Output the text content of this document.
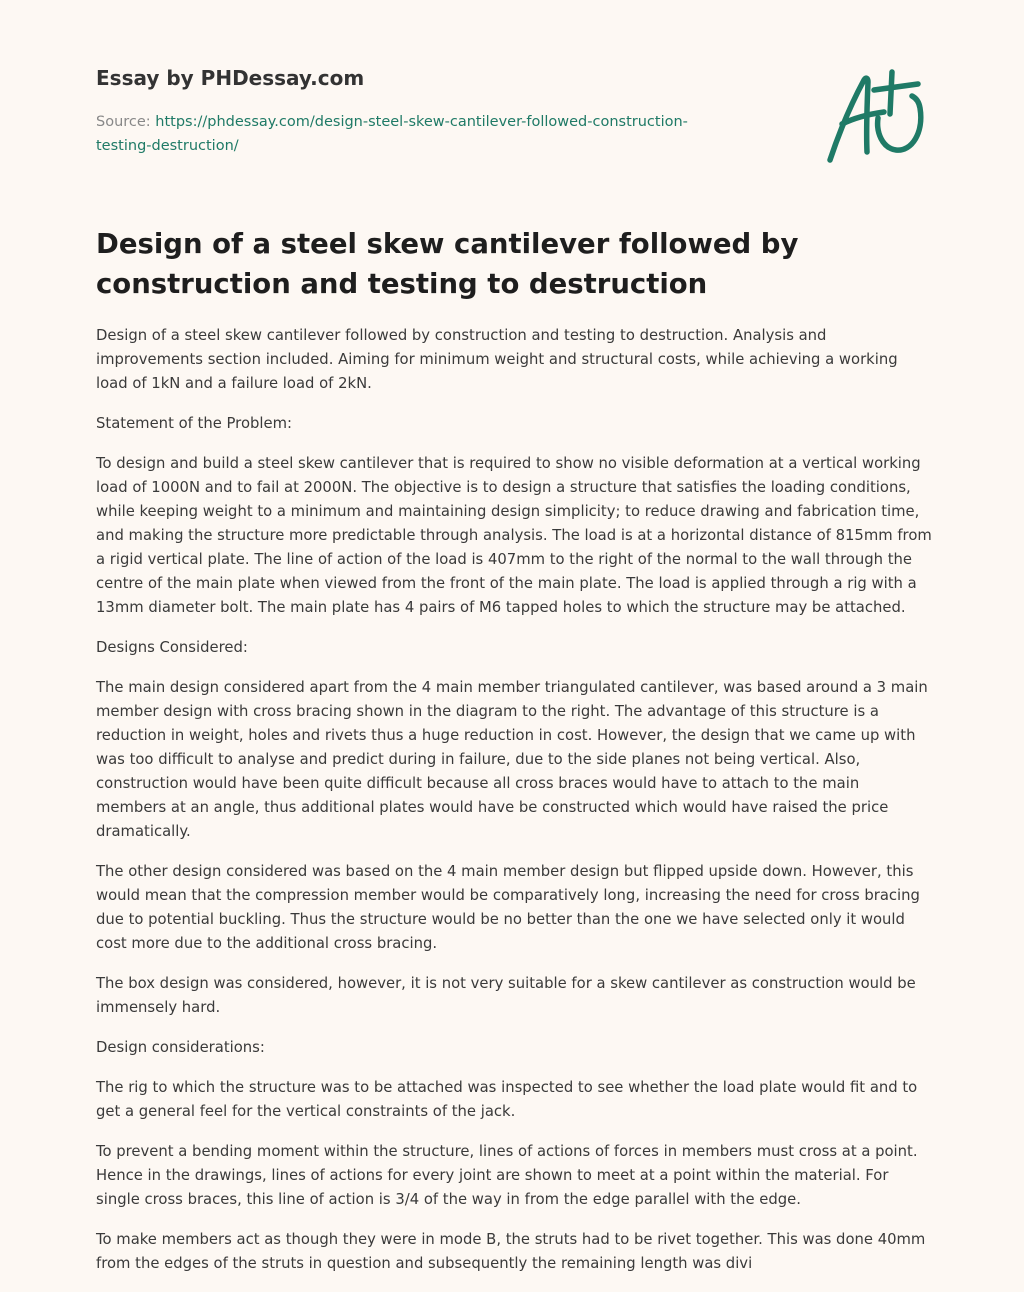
Essay by PHDessay.com
Source: https://phdessay.com/design-steel-skew-cantilever-followed-construction-testing-destruction/
Design of a steel skew cantilever followed by construction and testing to destruction

Design of a steel skew cantilever followed by construction and testing to destruction. Analysis and improvements section included. Aiming for minimum weight and structural costs, while achieving a working load of 1kN and a failure load of 2kN.

Statement of the Problem:

To design and build a steel skew cantilever that is required to show no visible deformation at a vertical working load of 1000N and to fail at 2000N. The objective is to design a structure that satisfies the loading conditions, while keeping weight to a minimum and maintaining design simplicity; to reduce drawing and fabrication time, and making the structure more predictable through analysis. The load is at a horizontal distance of 815mm from a rigid vertical plate. The line of action of the load is 407mm to the right of the normal to the wall through the centre of the main plate when viewed from the front of the main plate. The load is applied through a rig with a 13mm diameter bolt. The main plate has 4 pairs of M6 tapped holes to which the structure may be attached.

Designs Considered:

The main design considered apart from the 4 main member triangulated cantilever, was based around a 3 main member design with cross bracing shown in the diagram to the right. The advantage of this structure is a reduction in weight, holes and rivets thus a huge reduction in cost. However, the design that we came up with was too difficult to analyse and predict during in failure, due to the side planes not being vertical. Also, construction would have been quite difficult because all cross braces would have to attach to the main members at an angle, thus additional plates would have be constructed which would have raised the price dramatically.

The other design considered was based on the 4 main member design but flipped upside down. However, this would mean that the compression member would be comparatively long, increasing the need for cross bracing due to potential buckling. Thus the structure would be no better than the one we have selected only it would cost more due to the additional cross bracing.

The box design was considered, however, it is not very suitable for a skew cantilever as construction would be immensely hard.

Design considerations:

The rig to which the structure was to be attached was inspected to see whether the load plate would fit and to get a general feel for the vertical constraints of the jack.

To prevent a bending moment within the structure, lines of actions of forces in members must cross at a point. Hence in the drawings, lines of actions for every joint are shown to meet at a point within the material. For single cross braces, this line of action is 3/4 of the way in from the edge parallel with the edge.

To make members act as though they were in mode B, the struts had to be rivet together. This was done 40mm from the edges of the struts in question and subsequently the remaining length was divi
